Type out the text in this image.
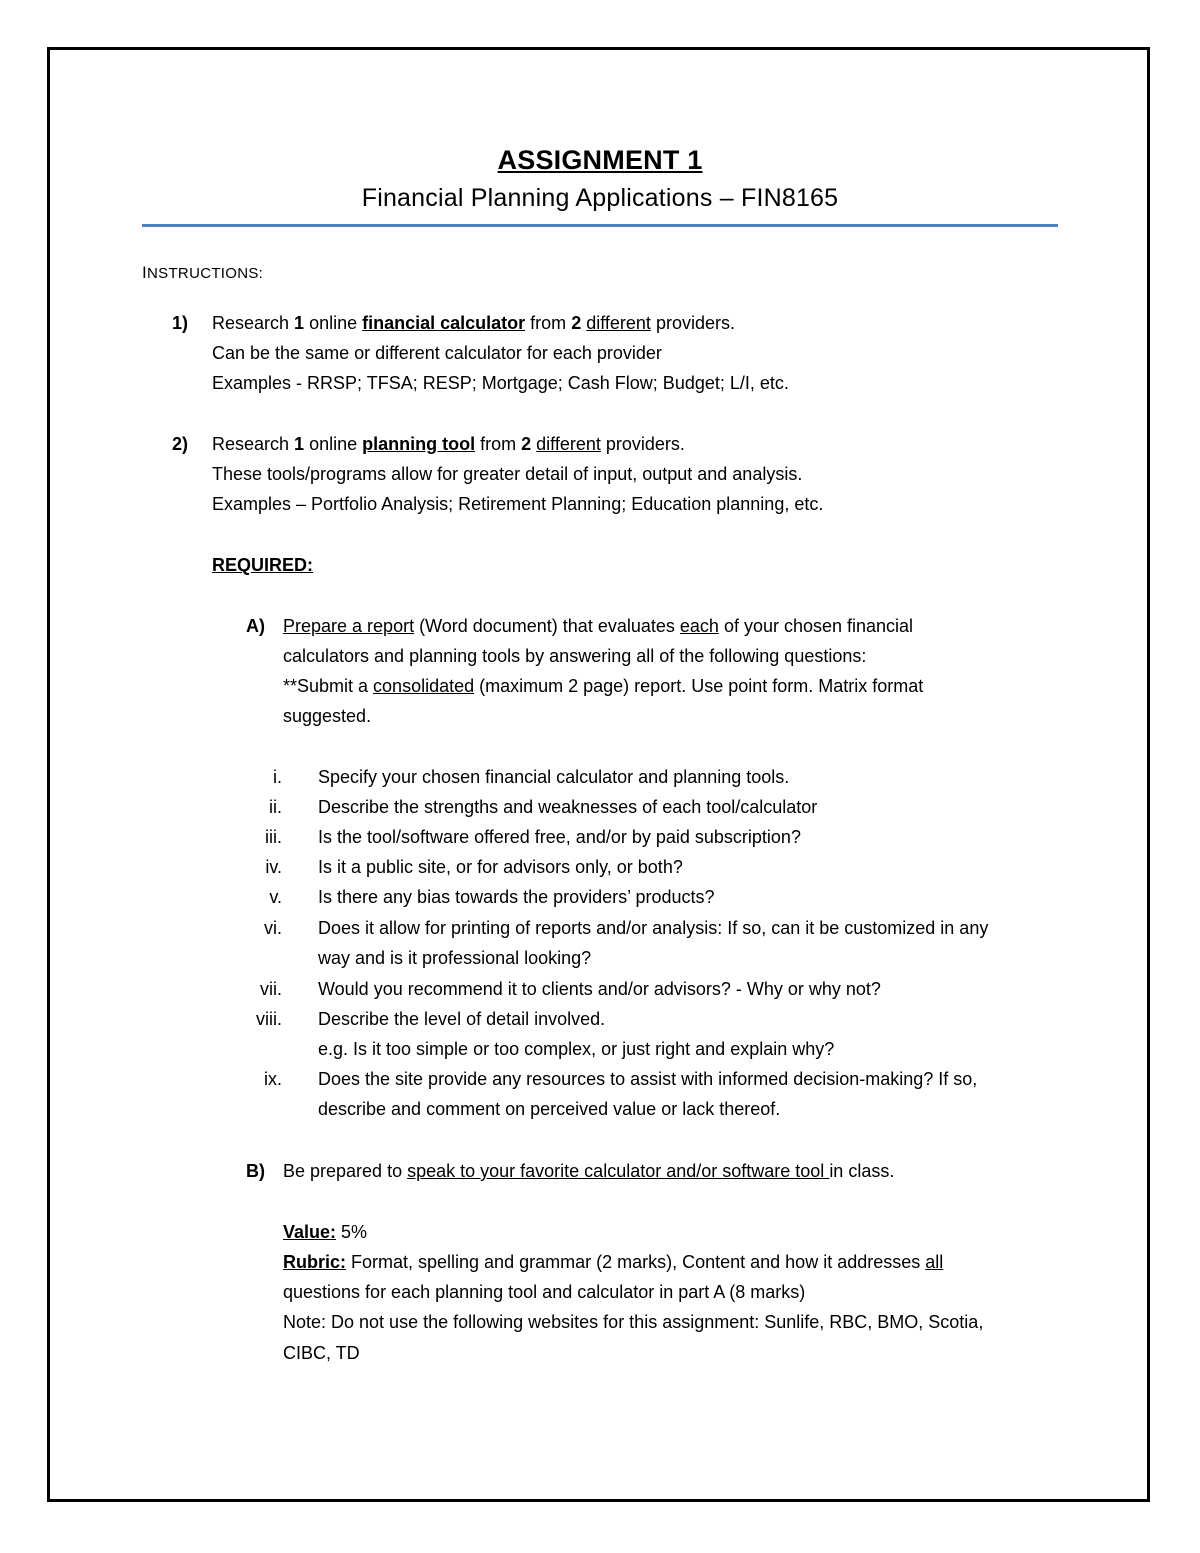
ASSIGNMENT 1
Financial Planning Applications – FIN8165
INSTRUCTIONS:
1) Research 1 online financial calculator from 2 different providers.
Can be the same or different calculator for each provider
Examples - RRSP; TFSA; RESP; Mortgage; Cash Flow; Budget; L/I, etc.
2) Research 1 online planning tool from 2 different providers.
These tools/programs allow for greater detail of input, output and analysis.
Examples – Portfolio Analysis; Retirement Planning; Education planning, etc.
REQUIRED:
A) Prepare a report (Word document) that evaluates each of your chosen financial
calculators and planning tools by answering all of the following questions:
**Submit a consolidated (maximum 2 page) report. Use point form. Matrix format
suggested.
i. Specify your chosen financial calculator and planning tools.
ii. Describe the strengths and weaknesses of each tool/calculator
iii. Is the tool/software offered free, and/or by paid subscription?
iv. Is it a public site, or for advisors only, or both?
v. Is there any bias towards the providers’ products?
vi. Does it allow for printing of reports and/or analysis: If so, can it be customized in any
way and is it professional looking?
vii. Would you recommend it to clients and/or advisors? - Why or why not?
viii. Describe the level of detail involved.
e.g. Is it too simple or too complex, or just right and explain why?
ix. Does the site provide any resources to assist with informed decision-making? If so,
describe and comment on perceived value or lack thereof.
B) Be prepared to speak to your favorite calculator and/or software tool in class.
Value: 5%
Rubric: Format, spelling and grammar (2 marks), Content and how it addresses all
questions for each planning tool and calculator in part A (8 marks)
Note: Do not use the following websites for this assignment: Sunlife, RBC, BMO, Scotia,
CIBC, TD
